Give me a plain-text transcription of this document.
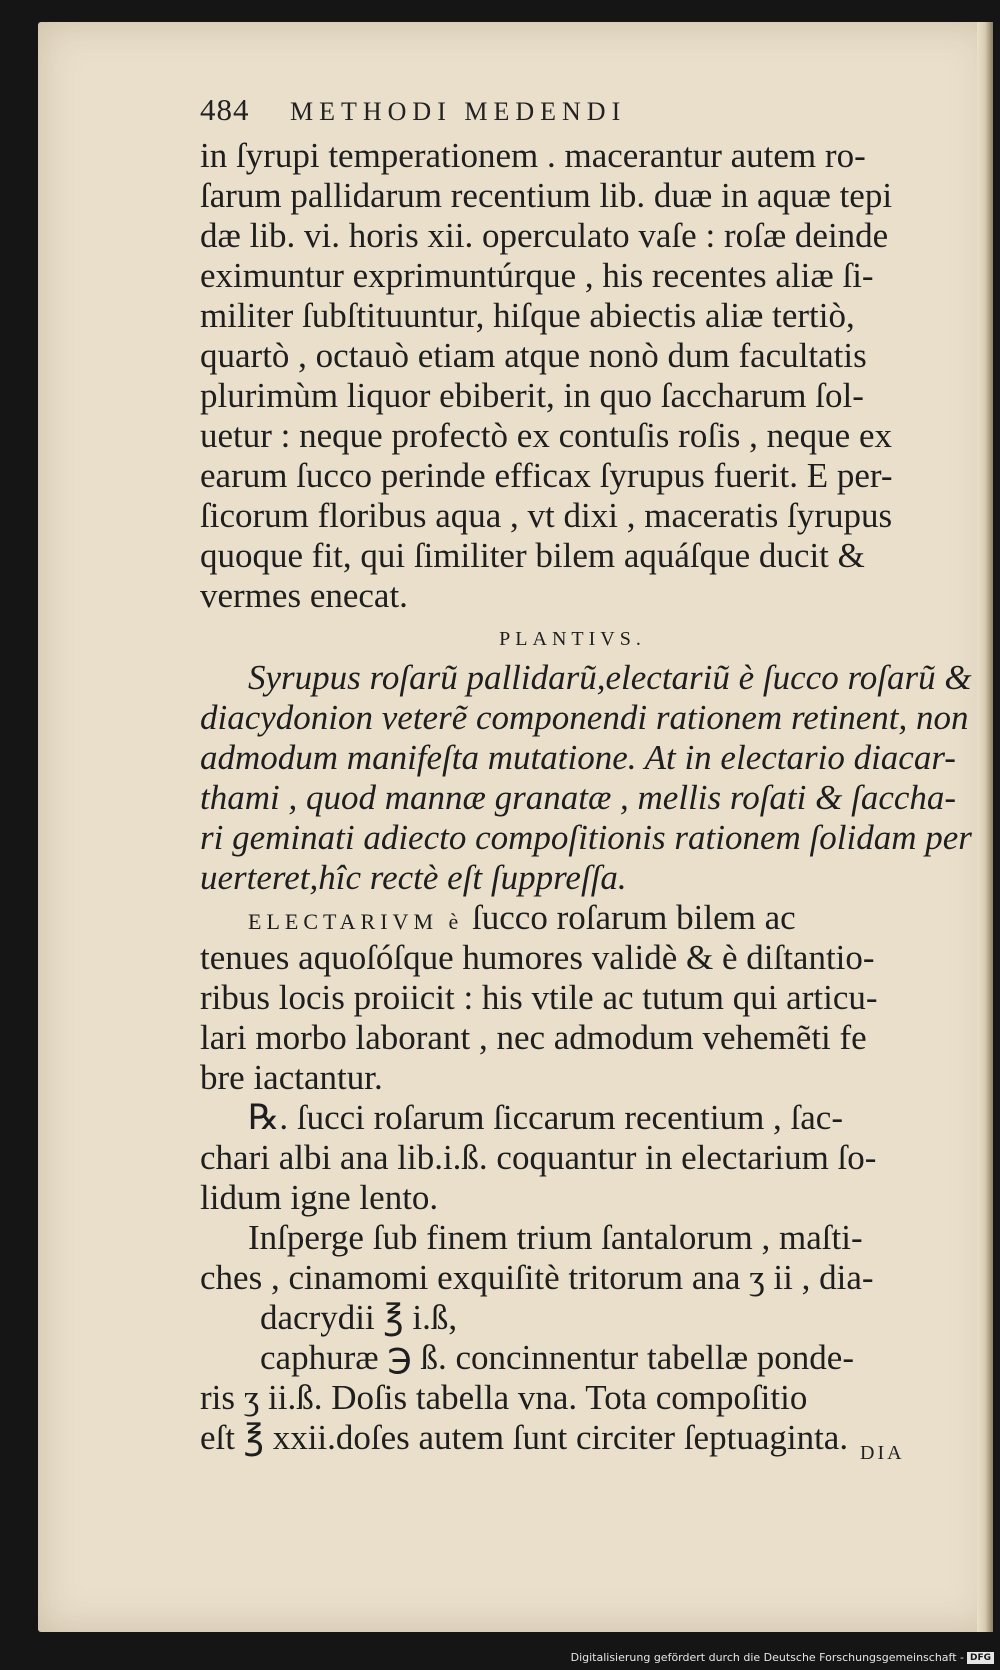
484 METHODI MEDENDI
in ſyrupi temperationem . macerantur autem ro-
ſarum pallidarum recentium lib. duæ in aquæ tepi
dæ lib. vi. horis xii. operculato vaſe : roſæ deinde
eximuntur exprimuntúrque , his recentes aliæ ſi-
militer ſubſtituuntur, hiſque abiectis aliæ tertiò,
quartò , octauò etiam atque nonò dum facultatis
plurimùm liquor ebiberit, in quo ſaccharum ſol-
uetur : neque profectò ex contuſis roſis , neque ex
earum ſucco perinde efficax ſyrupus fuerit. E per-
ſicorum floribus aqua , vt dixi , maceratis ſyrupus
quoque fit, qui ſimiliter bilem aquáſque ducit &
vermes enecat.
PLANTIVS.
Syrupus roſarũ pallidarũ,electariũ è ſucco roſarũ &
diacydonion veterẽ componendi rationem retinent, non
admodum manifeſta mutatione. At in electario diacar-
thami , quod mannæ granatæ , mellis roſati & ſaccha-
ri geminati adiecto compoſitionis rationem ſolidam per
uerteret,hîc rectè eſt ſuppreſſa.
ELECTARIVM è ſucco roſarum bilem ac
tenues aquoſóſque humores validè & è diſtantio-
ribus locis proiicit : his vtile ac tutum qui articu-
lari morbo laborant , nec admodum vehemẽti fe
bre iactantur.
℞. ſucci roſarum ſiccarum recentium , ſac-
chari albi ana lib.i.ß. coquantur in electarium ſo-
lidum igne lento.
Inſperge ſub finem trium ſantalorum , maſti-
ches , cinamomi exquiſitè tritorum ana ʒ ii , dia-
dacrydii ℥ i.ß,
caphuræ ℈ ß. concinnentur tabellæ ponde-
ris ʒ ii.ß. Doſis tabella vna. Tota compoſitio
eſt ℥ xxii.doſes autem ſunt circiter ſeptuaginta. DIA
Digitalisierung gefördert durch die Deutsche Forschungsgemeinschaft - DFG
